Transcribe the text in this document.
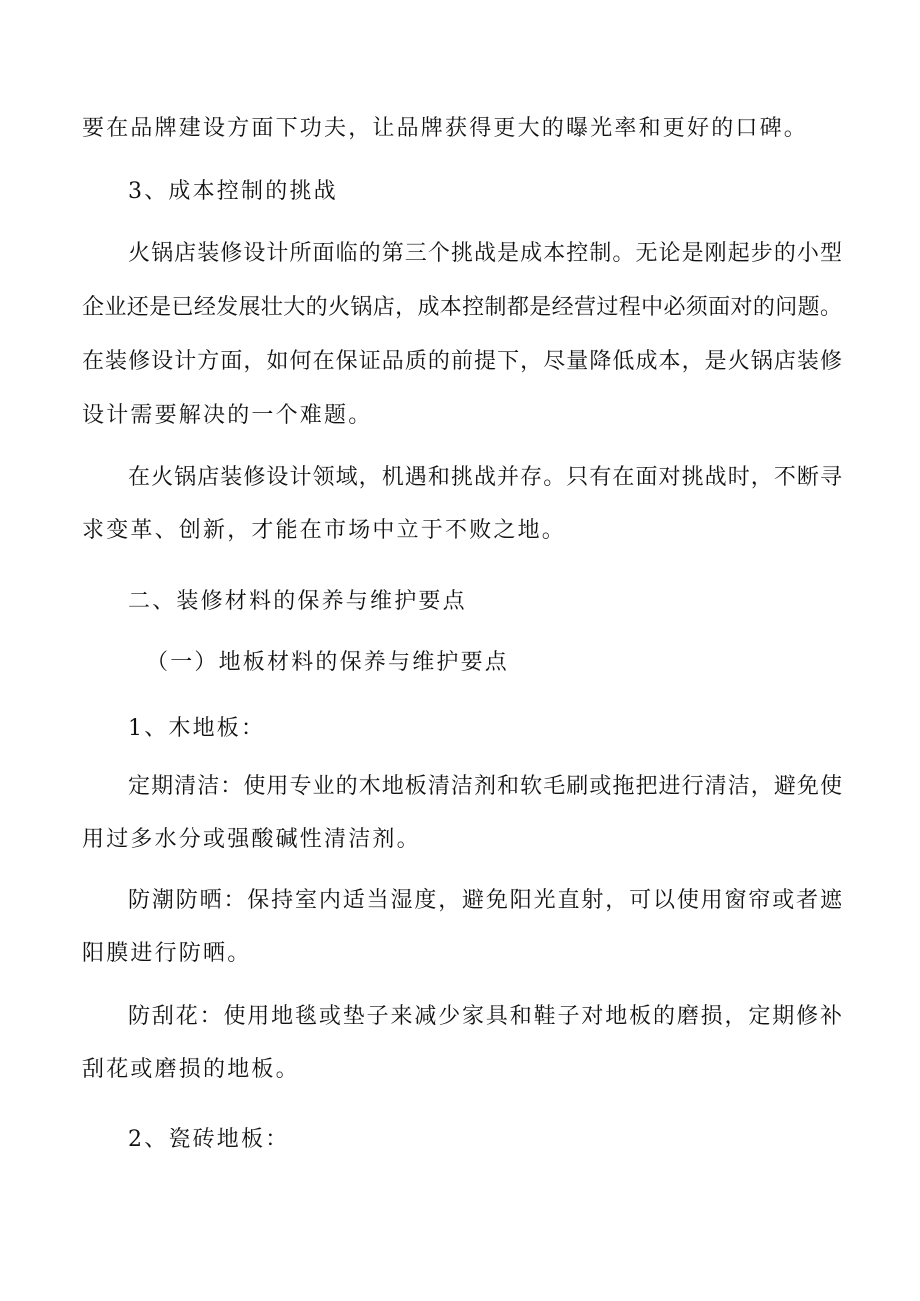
要在品牌建设方面下功夫，让品牌获得更大的曝光率和更好的口碑。
3、成本控制的挑战
火锅店装修设计所面临的第三个挑战是成本控制。无论是刚起步的小型
企业还是已经发展壮大的火锅店，成本控制都是经营过程中必须面对的问题。
在装修设计方面，如何在保证品质的前提下，尽量降低成本，是火锅店装修
设计需要解决的一个难题。
在火锅店装修设计领域，机遇和挑战并存。只有在面对挑战时，不断寻
求变革、创新，才能在市场中立于不败之地。
二、装修材料的保养与维护要点
（一）地板材料的保养与维护要点
1、木地板：
定期清洁：使用专业的木地板清洁剂和软毛刷或拖把进行清洁，避免使
用过多水分或强酸碱性清洁剂。
防潮防晒：保持室内适当湿度，避免阳光直射，可以使用窗帘或者遮
阳膜进行防晒。
防刮花：使用地毯或垫子来减少家具和鞋子对地板的磨损，定期修补
刮花或磨损的地板。
2、瓷砖地板：
